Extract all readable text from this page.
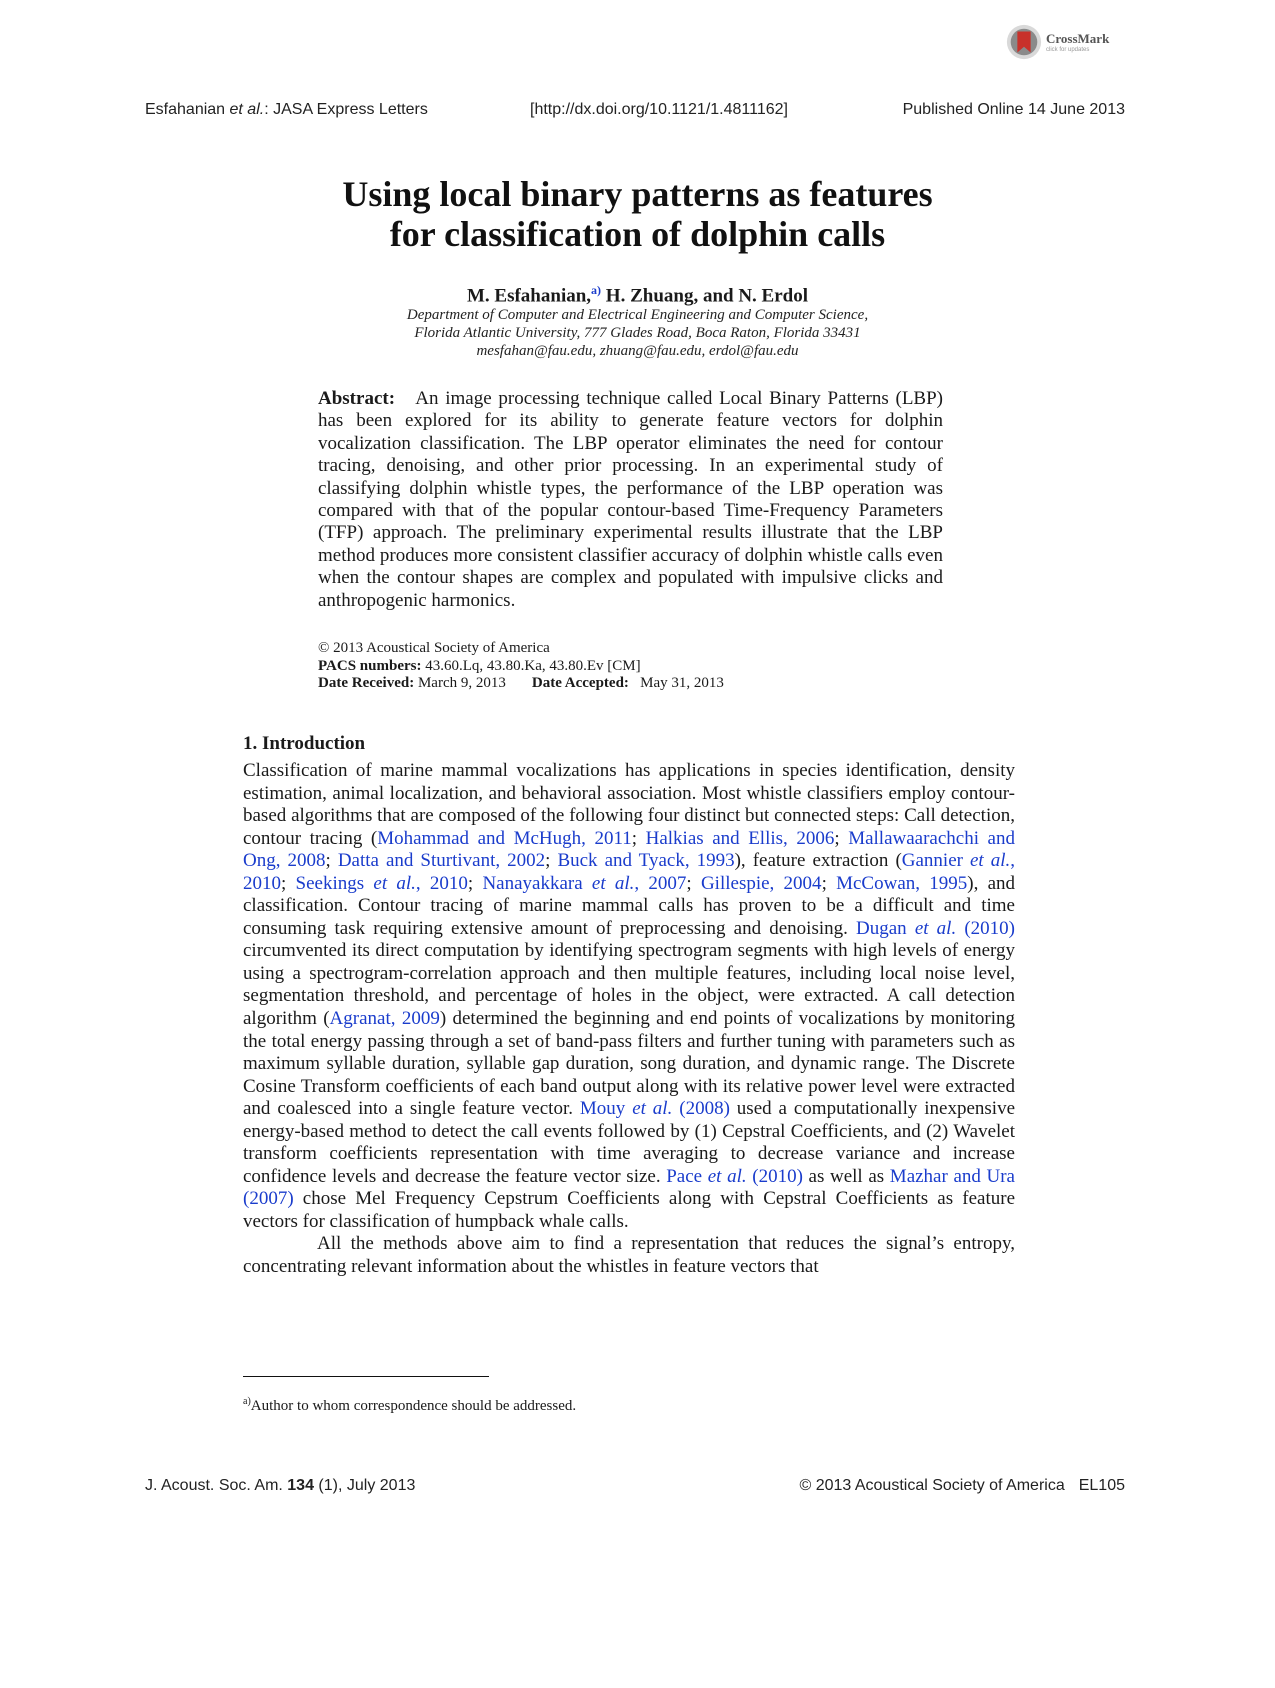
CrossMark
click for updates
Esfahanian et al.: JASA Express Letters	[http://dx.doi.org/10.1121/1.4811162]	Published Online 14 June 2013
Using local binary patterns as features
for classification of dolphin calls
M. Esfahanian,$^{a)}$ H. Zhuang, and N. Erdol
Department of Computer and Electrical Engineering and Computer Science,
Florida Atlantic University, 777 Glades Road, Boca Raton, Florida 33431
mesfahan@fau.edu, zhuang@fau.edu, erdol@fau.edu
Abstract: An image processing technique called Local Binary Patterns (LBP) has been explored for its ability to generate feature vectors for dolphin vocalization classification. The LBP operator eliminates the need for contour tracing, denoising, and other prior processing. In an experimental study of classifying dolphin whistle types, the performance of the LBP operation was compared with that of the popular contour-based Time-Frequency Parameters (TFP) approach. The preliminary experimental results illustrate that the LBP method produces more consistent classifier accuracy of dolphin whistle calls even when the contour shapes are complex and populated with impulsive clicks and anthropogenic harmonics.
© 2013 Acoustical Society of America
PACS numbers: 43.60.Lq, 43.80.Ka, 43.80.Ev [CM]
Date Received: March 9, 2013 Date Accepted: May 31, 2013
1. Introduction

Classification of marine mammal vocalizations has applications in species identification, density estimation, animal localization, and behavioral association. Most whistle classifiers employ contour-based algorithms that are composed of the following four distinct but connected steps: Call detection, contour tracing (Mohammad and McHugh, 2011; Halkias and Ellis, 2006; Mallawaarachchi and Ong, 2008; Datta and Sturtivant, 2002; Buck and Tyack, 1993), feature extraction (Gannier et al., 2010; Seekings et al., 2010; Nanayakkara et al., 2007; Gillespie, 2004; McCowan, 1995), and classification. Contour tracing of marine mammal calls has proven to be a difficult and time consuming task requiring extensive amount of preprocessing and denoising. Dugan et al. (2010) circumvented its direct computation by identifying spectrogram segments with high levels of energy using a spectrogram-correlation approach and then multiple features, including local noise level, segmentation threshold, and percentage of holes in the object, were extracted. A call detection algorithm (Agranat, 2009) determined the beginning and end points of vocalizations by monitoring the total energy passing through a set of band-pass filters and further tuning with parameters such as maximum syllable duration, syllable gap duration, song duration, and dynamic range. The Discrete Cosine Transform coefficients of each band output along with its relative power level were extracted and coalesced into a single feature vector. Mouy et al. (2008) used a computationally inexpensive energy-based method to detect the call events followed by (1) Cepstral Coefficients, and (2) Wavelet transform coefficients representation with time averaging to decrease variance and increase confidence levels and decrease the feature vector size. Pace et al. (2010) as well as Mazhar and Ura (2007) chose Mel Frequency Cepstrum Coefficients along with Cepstral Coefficients as feature vectors for classification of humpback whale calls.

All the methods above aim to find a representation that reduces the signal’s entropy, concentrating relevant information about the whistles in feature vectors that

$^{a)}$Author to whom correspondence should be addressed.
J. Acoust. Soc. Am. 134 (1), July 2013	© 2013 Acoustical Society of America EL105
